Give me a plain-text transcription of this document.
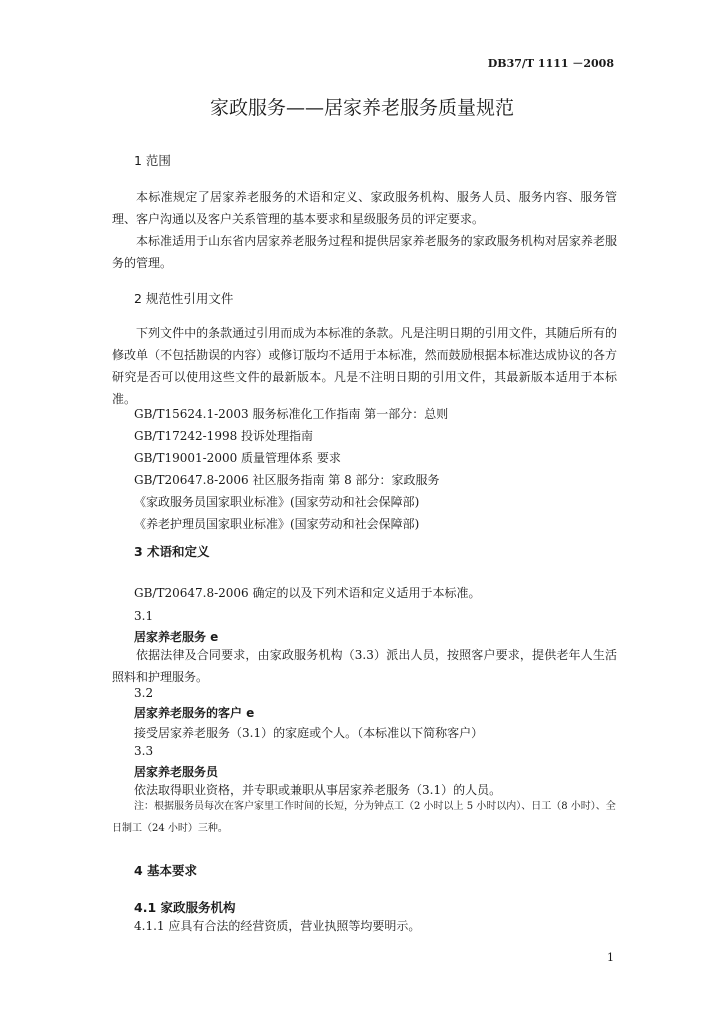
DB37/T 1111 －2008
家政服务——居家养老服务质量规范
1 范围
本标准规定了居家养老服务的术语和定义、家政服务机构、服务人员、服务内容、服务管理、客户沟通以及客户关系管理的基本要求和星级服务员的评定要求。
本标准适用于山东省内居家养老服务过程和提供居家养老服务的家政服务机构对居家养老服务的管理。
2 规范性引用文件
下列文件中的条款通过引用而成为本标准的条款。凡是注明日期的引用文件，其随后所有的修改单（不包括勘误的内容）或修订版均不适用于本标准，然而鼓励根据本标准达成协议的各方研究是否可以使用这些文件的最新版本。凡是不注明日期的引用文件，其最新版本适用于本标准。
GB/T15624.1-2003 服务标准化工作指南 第一部分：总则
GB/T17242-1998 投诉处理指南
GB/T19001-2000 质量管理体系 要求
GB/T20647.8-2006 社区服务指南 第 8 部分：家政服务
《家政服务员国家职业标准》(国家劳动和社会保障部)
《养老护理员国家职业标准》(国家劳动和社会保障部)
3 术语和定义
GB/T20647.8-2006 确定的以及下列术语和定义适用于本标准。
3.1
居家养老服务 e
依据法律及合同要求，由家政服务机构（3.3）派出人员，按照客户要求，提供老年人生活照料和护理服务。
3.2
居家养老服务的客户 e
接受居家养老服务（3.1）的家庭或个人。（本标准以下简称客户）
3.3
居家养老服务员
依法取得职业资格，并专职或兼职从事居家养老服务（3.1）的人员。
注：根据服务员每次在客户家里工作时间的长短，分为钟点工（2 小时以上 5 小时以内）、日工（8 小时）、全日制工（24 小时）三种。
4 基本要求
4.1 家政服务机构
4.1.1 应具有合法的经营资质，营业执照等均要明示。
1
